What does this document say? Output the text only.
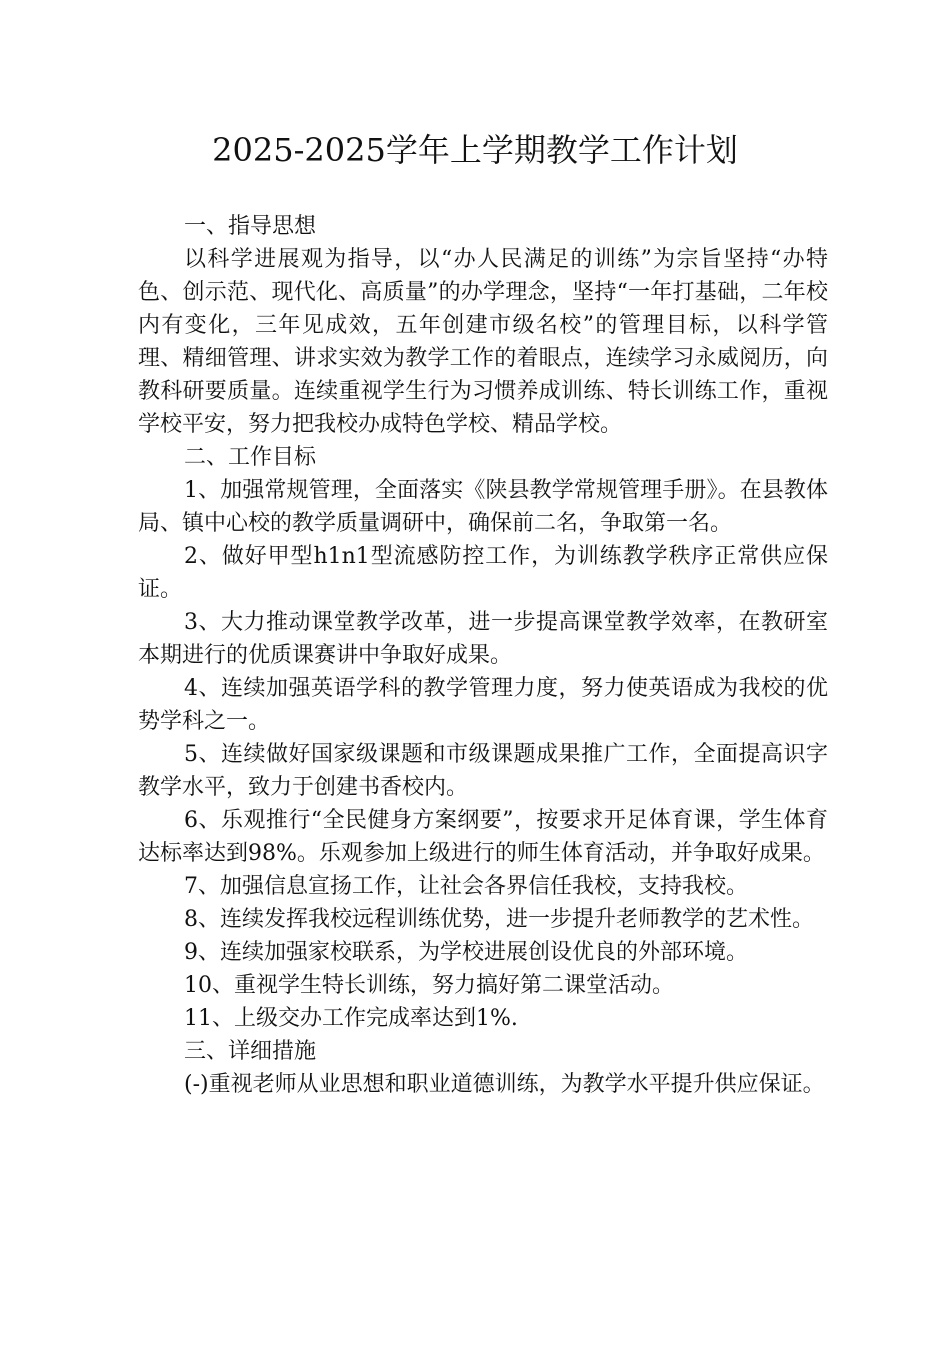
2025-2025学年上学期教学工作计划

一、指导思想

以科学进展观为指导，以“办人民满足的训练”为宗旨坚持“办特色、创示范、现代化、高质量”的办学理念，坚持“一年打基础，二年校内有变化，三年见成效，五年创建市级名校”的管理目标，以科学管理、精细管理、讲求实效为教学工作的着眼点，连续学习永威阅历，向教科研要质量。连续重视学生行为习惯养成训练、特长训练工作，重视学校平安，努力把我校办成特色学校、精品学校。

二、工作目标

1、加强常规管理，全面落实《陕县教学常规管理手册》。在县教体局、镇中心校的教学质量调研中，确保前二名，争取第一名。

2、做好甲型h1n1型流感防控工作，为训练教学秩序正常供应保证。

3、大力推动课堂教学改革，进一步提高课堂教学效率，在教研室本期进行的优质课赛讲中争取好成果。

4、连续加强英语学科的教学管理力度，努力使英语成为我校的优势学科之一。

5、连续做好国家级课题和市级课题成果推广工作，全面提高识字教学水平，致力于创建书香校内。

6、乐观推行“全民健身方案纲要”，按要求开足体育课，学生体育达标率达到98%。乐观参加上级进行的师生体育活动，并争取好成果。

7、加强信息宣扬工作，让社会各界信任我校，支持我校。

8、连续发挥我校远程训练优势，进一步提升老师教学的艺术性。

9、连续加强家校联系，为学校进展创设优良的外部环境。

10、重视学生特长训练，努力搞好第二课堂活动。

11、上级交办工作完成率达到1%.

三、详细措施

(-)重视老师从业思想和职业道德训练，为教学水平提升供应保证。
